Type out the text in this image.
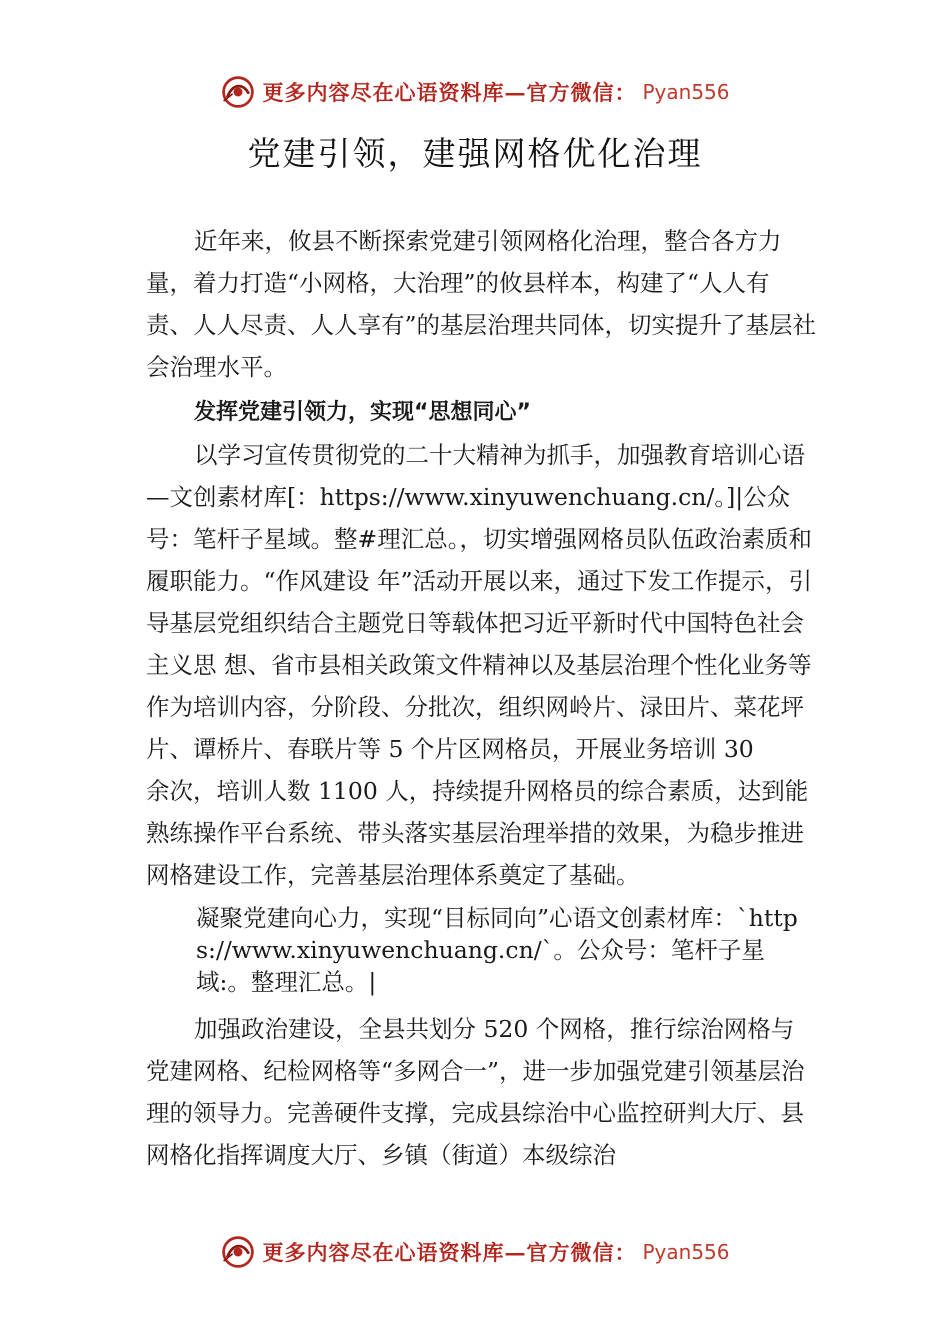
更多内容尽在心语资料库—官方微信： Pyan556
党建引领，建强网格优化治理

近年来，攸县不断探索党建引领网格化治理，整合各方力量，着力打造“小网格，大治理”的攸县样本，构建了“人人有责、人人尽责、人人享有”的基层治理共同体，切实提升了基层社会治理水平。

发挥党建引领力，实现“思想同心”

以学习宣传贯彻党的二十大精神为抓手，加强教育培训心语—文创素材库[：https://www.xinyuwenchuang.cn/。]|公众号：笔杆子星域。整#理汇总。，切实增强网格员队伍政治素质和履职能力。“作风建设 年”活动开展以来，通过下发工作提示，引导基层党组织结合主题党日等载体把习近平新时代中国特色社会主义思 想、省市县相关政策文件精神以及基层治理个性化业务等作为培训内容，分阶段、分批次，组织网岭片、渌田片、菜花坪片、谭桥片、春联片等 5 个片区网格员，开展业务培训 30

余次，培训人数 1100 人，持续提升网格员的综合素质，达到能熟练操作平台系统、带头落实基层治理举措的效果，为稳步推进网格建设工作，完善基层治理体系奠定了基础。

凝聚党建向心力，实现“目标同向”心语文创素材库：`https://www.xinyuwenchuang.cn/`。公众号：笔杆子星域:。整理汇总。|

加强政治建设，全县共划分 520 个网格，推行综治网格与党建网格、纪检网格等“多网合一”，进一步加强党建引领基层治理的领导力。完善硬件支撑，完成县综治中心监控研判大厅、县网格化指挥调度大厅、乡镇（街道）本级综治

更多内容尽在心语资料库—官方微信： Pyan556
